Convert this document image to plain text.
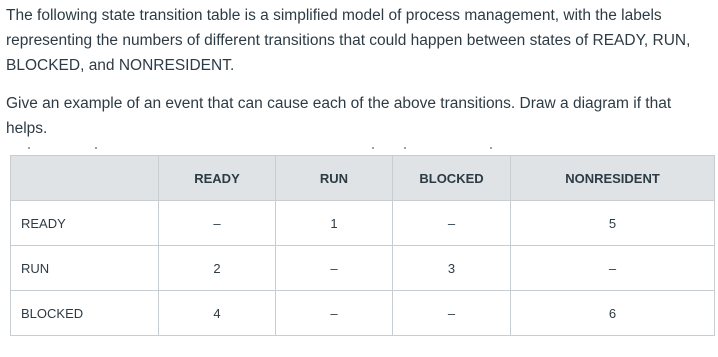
The following state transition table is a simplified model of process management, with the labels representing the numbers of different transitions that could happen between states of READY, RUN, BLOCKED, and NONRESIDENT.

Give an example of an event that can cause each of the above transitions. Draw a diagram if that helps.

	READY	RUN	BLOCKED	NONRESIDENT
READY	–	1	–	5
RUN	2	–	3	–
BLOCKED	4	–	–	6
